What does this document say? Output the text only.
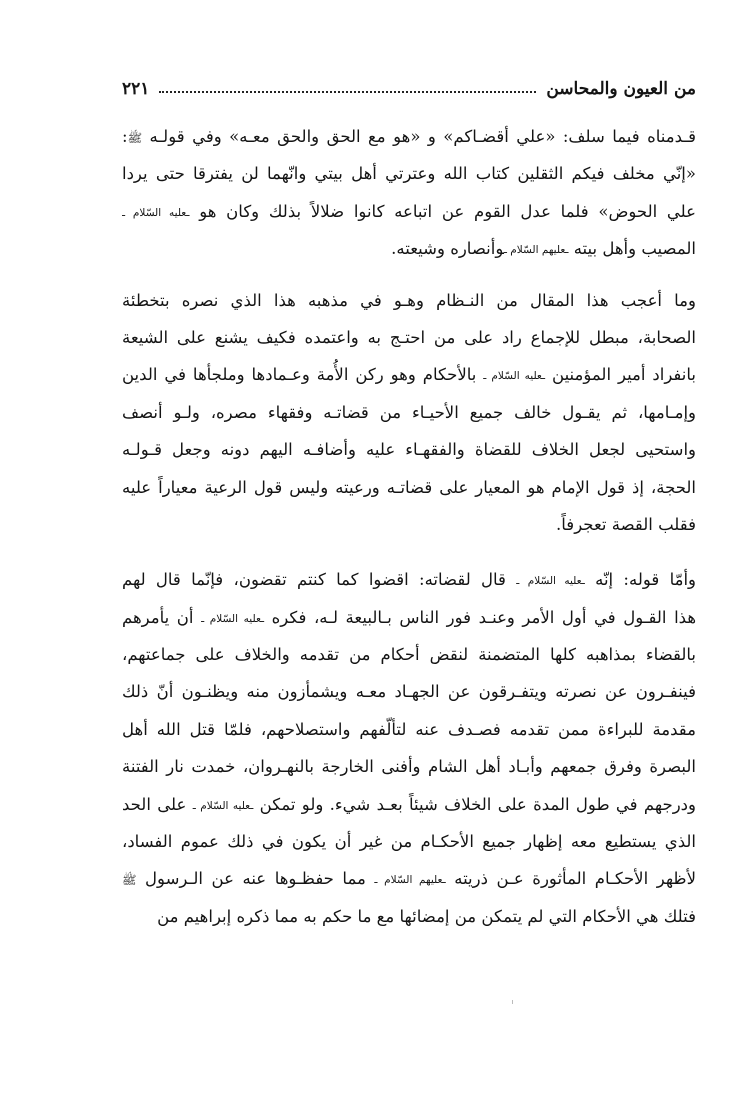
من العيون والمحاسن
٢٢١

قـدمناه فيما سلف: «علي أقضـاكم» و «هو مع الحق والحق معـه» وفي قولـه ﷺ:
«إنّي مخلف فيكم الثقلين كتاب الله وعترتي أهل بيتي وانّهما لن يفترقا حتى يردا
علي الحوض» فلما عدل القوم عن اتباعه كانوا ضلالاً بذلك وكان هو ـعليه السّلام ـ
المصيب وأهل بيته ـعليهم السّلام ـوأنصاره وشيعته.

وما أعجب هذا المقال من النـظام وهـو في مذهبه هذا الذي نصره بتخطئة
الصحابة، مبطل للإجماع راد على من احتـج به واعتمده فكيف يشنع على الشيعة
بانفراد أمير المؤمنين ـعليه السّلام ـ بالأحكام وهو ركن الأُمة وعـمادها وملجأها في الدين
وإمـامها، ثم يقـول خالف جميع الأحيـاء من قضاتـه وفقهاء مصره، ولـو أنصف
واستحيى لجعل الخلاف للقضاة والفقهـاء عليه وأضافـه اليهم دونه وجعل قـولـه
الحجة، إذ قول الإمام هو المعيار على قضاتـه ورعيته وليس قول الرعية معياراً عليه
فقلب القصة تعجرفاً.

وأمّا قوله: إنّه ـعليه السّلام ـ قال لقضاته: اقضوا كما كنتم تقضون، فإنّما قال لهم
هذا القـول في أول الأمر وعنـد فور الناس بـالبيعة لـه، فكره ـعليه السّلام ـ أن يأمرهم
بالقضاء بمذاهبه كلها المتضمنة لنقض أحكام من تقدمه والخلاف على جماعتهم،
فينفـرون عن نصرته ويتفـرقون عن الجهـاد معـه ويشمأزون منه ويظنـون أنّ ذلك
مقدمة للبراءة ممن تقدمه فصـدف عنه لتألّفهم واستصلاحهم، فلمّا قتل الله أهل
البصرة وفرق جمعهم وأبـاد أهل الشام وأفنى الخارجة بالنهـروان، خمدت نار الفتنة
ودرجهم في طول المدة على الخلاف شيئاً بعـد شيء. ولو تمكن ـعليه السّلام ـ على الحد
الذي يستطيع معه إظهار جميع الأحكـام من غير أن يكون في ذلك عموم الفساد،
لأظهر الأحكـام المأثورة عـن ذريته ـعليهم السّلام ـ مما حفظـوها عنه عن الـرسول ﷺ
فتلك هي الأحكام التي لم يتمكن من إمضائها مع ما حكم به مما ذكره إبراهيم من
